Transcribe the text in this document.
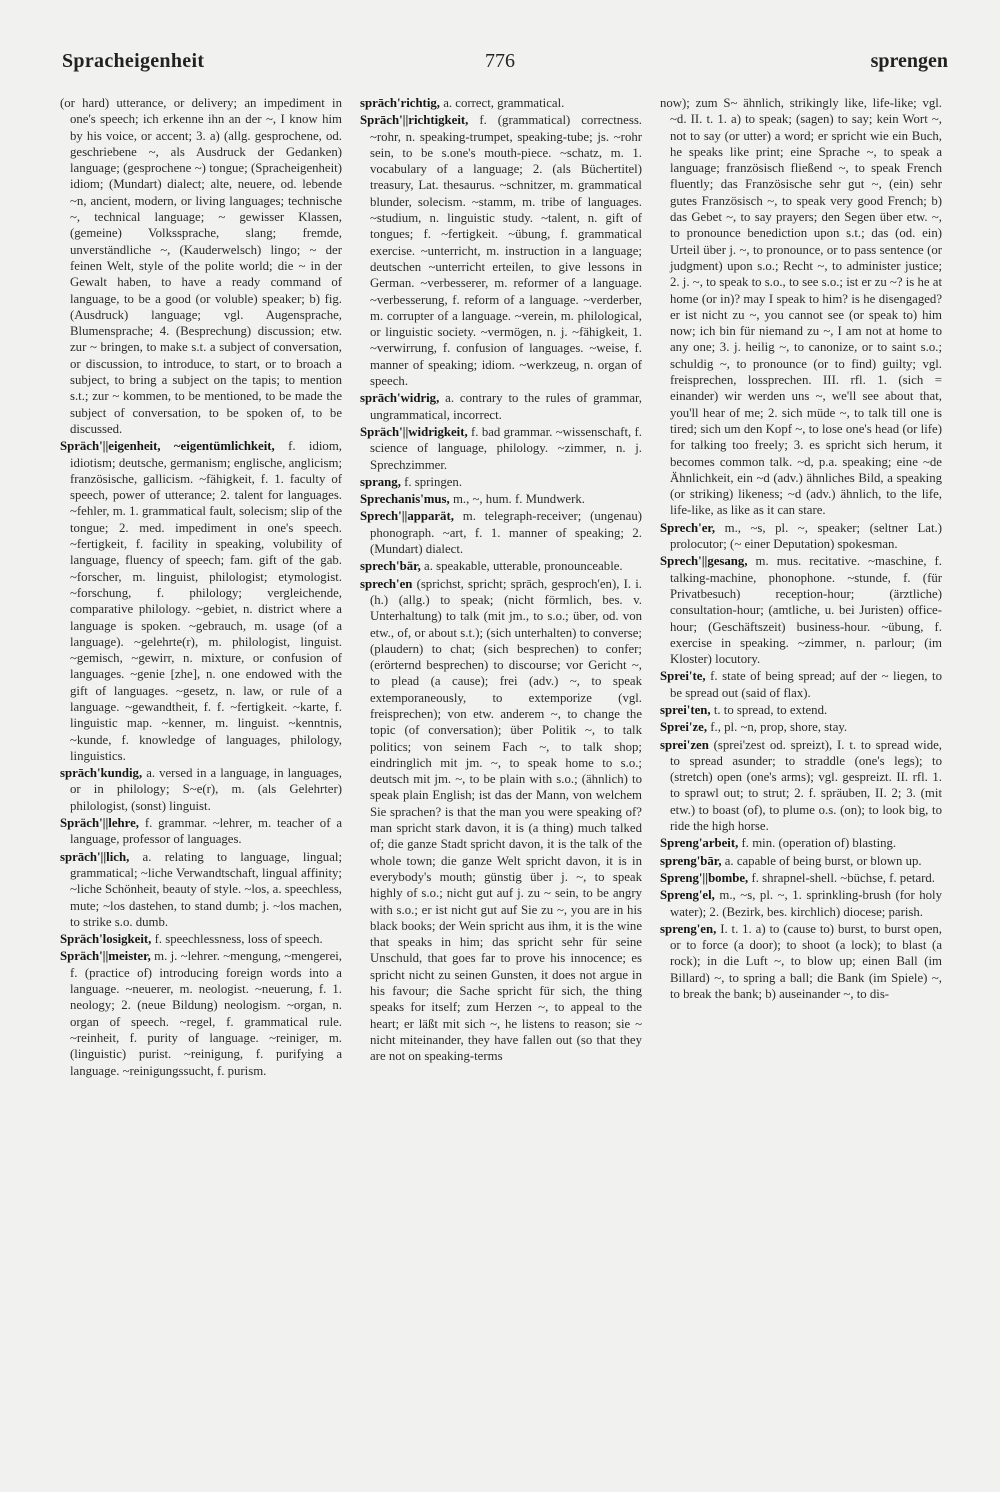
Spracheigenheit	776	sprengen

(or hard) utterance, or delivery; an impediment in one's speech; ich erkenne ihn an der ~, I know him by his voice, or accent; 3. a) (allg. gesprochene, od. geschriebene ~, als Ausdruck der Gedanken) language; (gesprochene ~) tongue; (Spracheigenheit) idiom; (Mundart) dialect; alte, neuere, od. lebende ~n, ancient, modern, or living languages; technische ~, technical language; ~ gewisser Klassen, (gemeine) Volkssprache, slang; fremde, unverständliche ~, (Kauderwelsch) lingo; ~ der feinen Welt, style of the polite world; die ~ in der Gewalt haben, to have a ready command of language, to be a good (or voluble) speaker; b) fig. (Ausdruck) language; vgl. Augensprache, Blumensprache; 4. (Besprechung) discussion; etw. zur ~ bringen, to make s.t. a subject of conversation, or discussion, to introduce, to start, or to broach a subject, to bring a subject on the tapis; to mention s.t.; zur ~ kommen, to be mentioned, to be made the subject of conversation, to be spoken of, to be discussed.

Spräch'||eigenheit, ~eigentümlichkeit, f. idiom, idiotism; deutsche, germanism; englische, anglicism; französische, gallicism. ~fähigkeit, f. 1. faculty of speech, power of utterance; 2. talent for languages. ~fehler, m. 1. grammatical fault, solecism; slip of the tongue; 2. med. impediment in one's speech. ~fertigkeit, f. facility in speaking, volubility of language, fluency of speech; fam. gift of the gab. ~forscher, m. linguist, philologist; etymologist. ~forschung, f. philology; vergleichende, comparative philology. ~gebiet, n. district where a language is spoken. ~gebrauch, m. usage (of a language). ~gelehrte(r), m. philologist, linguist. ~gemisch, ~gewirr, n. mixture, or confusion of languages. ~genie [zhe], n. one endowed with the gift of languages. ~gesetz, n. law, or rule of a language. ~gewandtheit, f. f. ~fertigkeit. ~karte, f. linguistic map. ~kenner, m. linguist. ~kenntnis, ~kunde, f. knowledge of languages, philology, linguistics.

sprāch'kundig, a. versed in a language, in languages, or in philology; S~e(r), m. (als Gelehrter) philologist, (sonst) linguist.

Spräch'||lehre, f. grammar. ~lehrer, m. teacher of a language, professor of languages.

sprāch'||lich, a. relating to language, lingual; grammatical; ~liche Verwandtschaft, lingual affinity; ~liche Schönheit, beauty of style. ~los, a. speechless, mute; ~los dastehen, to stand dumb; j. ~los machen, to strike s.o. dumb.

Spräch'losigkeit, f. speechlessness, loss of speech.

Spräch'||meister, m. j. ~lehrer. ~mengung, ~mengerei, f. (practice of) introducing foreign words into a language. ~neuerer, m. neologist. ~neuerung, f. 1. neology; 2. (neue Bildung) neologism. ~organ, n. organ of speech. ~regel, f. grammatical rule. ~reinheit, f. purity of language. ~reiniger, m. (linguistic) purist. ~reinigung, f. purifying a language. ~reinigungssucht, f. purism.

sprāch'richtig, a. correct, grammatical.

Sprāch'||richtigkeit, f. (grammatical) correctness. ~rohr, n. speaking-trumpet, speaking-tube; js. ~rohr sein, to be s.one's mouth-piece. ~schatz, m. 1. vocabulary of a language; 2. (als Büchertitel) treasury, Lat. thesaurus. ~schnitzer, m. grammatical blunder, solecism. ~stamm, m. tribe of languages. ~studium, n. linguistic study. ~talent, n. gift of tongues; f. ~fertigkeit. ~übung, f. grammatical exercise. ~unterricht, m. instruction in a language; deutschen ~unterricht erteilen, to give lessons in German. ~verbesserer, m. reformer of a language. ~verbesserung, f. reform of a language. ~verderber, m. corrupter of a language. ~verein, m. philological, or linguistic society. ~vermögen, n. j. ~fähigkeit, 1. ~verwirrung, f. confusion of languages. ~weise, f. manner of speaking; idiom. ~werkzeug, n. organ of speech.

sprāch'widrig, a. contrary to the rules of grammar, ungrammatical, incorrect.

Spräch'||widrigkeit, f. bad grammar. ~wissenschaft, f. science of language, philology. ~zimmer, n. j. Sprechzimmer.

sprang, f. springen.

Sprechanis'mus, m., ~, hum. f. Mundwerk.

Sprech'||apparät, m. telegraph-receiver; (ungenau) phonograph. ~art, f. 1. manner of speaking; 2. (Mundart) dialect.

sprech'bär, a. speakable, utterable, pronounceable.

sprech'en (sprichst, spricht; sprāch, gesproch'en), I. i. (h.) (allg.) to speak; (nicht förmlich, bes. v. Unterhaltung) to talk (mit jm., to s.o.; über, od. von etw., of, or about s.t.); (sich unterhalten) to converse; (plaudern) to chat; (sich besprechen) to confer; (erörternd besprechen) to discourse; vor Gericht ~, to plead (a cause); frei (adv.) ~, to speak extemporaneously, to extemporize (vgl. freisprechen); von etw. anderem ~, to change the topic (of conversation); über Politik ~, to talk politics; von seinem Fach ~, to talk shop; eindringlich mit jm. ~, to speak home to s.o.; deutsch mit jm. ~, to be plain with s.o.; (ähnlich) to speak plain English; ist das der Mann, von welchem Sie sprachen? is that the man you were speaking of? man spricht stark davon, it is (a thing) much talked of; die ganze Stadt spricht davon, it is the talk of the whole town; die ganze Welt spricht davon, it is in everybody's mouth; günstig über j. ~, to speak highly of s.o.; nicht gut auf j. zu ~ sein, to be angry with s.o.; er ist nicht gut auf Sie zu ~, you are in his black books; der Wein spricht aus ihm, it is the wine that speaks in him; das spricht sehr für seine Unschuld, that goes far to prove his innocence; es spricht nicht zu seinen Gunsten, it does not argue in his favour; die Sache spricht für sich, the thing speaks for itself; zum Herzen ~, to appeal to the heart; er läßt mit sich ~, he listens to reason; sie ~ nicht miteinander, they have fallen out (so that they are not on speaking-terms

now); zum S~ ähnlich, strikingly like, life-like; vgl. ~d. II. t. 1. a) to speak; (sagen) to say; kein Wort ~, not to say (or utter) a word; er spricht wie ein Buch, he speaks like print; eine Sprache ~, to speak a language; französisch fließend ~, to speak French fluently; das Französische sehr gut ~, (ein) sehr gutes Französisch ~, to speak very good French; b) das Gebet ~, to say prayers; den Segen über etw. ~, to pronounce benediction upon s.t.; das (od. ein) Urteil über j. ~, to pronounce, or to pass sentence (or judgment) upon s.o.; Recht ~, to administer justice; 2. j. ~, to speak to s.o., to see s.o.; ist er zu ~? is he at home (or in)? may I speak to him? is he disengaged? er ist nicht zu ~, you cannot see (or speak to) him now; ich bin für niemand zu ~, I am not at home to any one; 3. j. heilig ~, to canonize, or to saint s.o.; schuldig ~, to pronounce (or to find) guilty; vgl. freisprechen, lossprechen. III. rfl. 1. (sich = einander) wir werden uns ~, we'll see about that, you'll hear of me; 2. sich müde ~, to talk till one is tired; sich um den Kopf ~, to lose one's head (or life) for talking too freely; 3. es spricht sich herum, it becomes common talk. ~d, p.a. speaking; eine ~de Ähnlichkeit, ein ~d (adv.) ähnliches Bild, a speaking (or striking) likeness; ~d (adv.) ähnlich, to the life, life-like, as like as it can stare.

Sprech'er, m., ~s, pl. ~, speaker; (seltner Lat.) prolocutor; (~ einer Deputation) spokesman.

Sprech'||gesang, m. mus. recitative. ~maschine, f. talking-machine, phonophone. ~stunde, f. (für Privatbesuch) reception-hour; (ärztliche) consultation-hour; (amtliche, u. bei Juristen) office-hour; (Geschäftszeit) business-hour. ~übung, f. exercise in speaking. ~zimmer, n. parlour; (im Kloster) locutory.

Sprei'te, f. state of being spread; auf der ~ liegen, to be spread out (said of flax).

sprei'ten, t. to spread, to extend.

Sprei'ze, f., pl. ~n, prop, shore, stay.

sprei'zen (sprei'zest od. spreizt), I. t. to spread wide, to spread asunder; to straddle (one's legs); to (stretch) open (one's arms); vgl. gespreizt. II. rfl. 1. to sprawl out; to strut; 2. f. spräuben, II. 2; 3. (mit etw.) to boast (of), to plume o.s. (on); to look big, to ride the high horse.

Spreng'arbeit, f. min. (operation of) blasting.

spreng'bār, a. capable of being burst, or blown up.

Spreng'||bombe, f. shrapnel-shell. ~büchse, f. petard.

Spreng'el, m., ~s, pl. ~, 1. sprinkling-brush (for holy water); 2. (Bezirk, bes. kirchlich) diocese; parish.

spreng'en, I. t. 1. a) to (cause to) burst, to burst open, or to force (a door); to shoot (a lock); to blast (a rock); in die Luft ~, to blow up; einen Ball (im Billard) ~, to spring a ball; die Bank (im Spiele) ~, to break the bank; b) auseinander ~, to dis-
